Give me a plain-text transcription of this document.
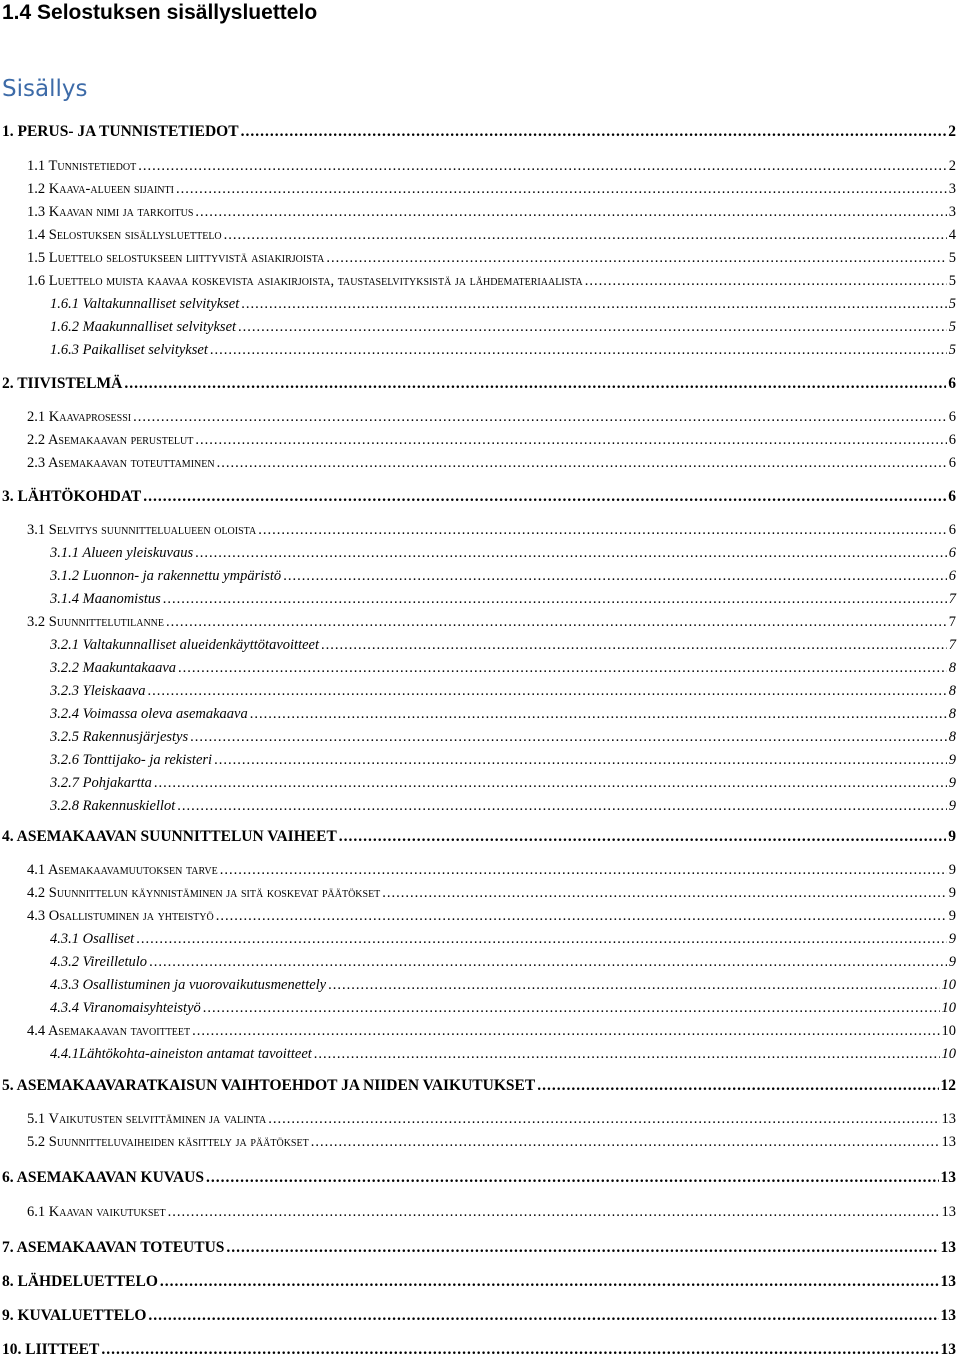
1.4 Selostuksen sisällysluettelo
Sisällys
1. PERUS- JA TUNNISTETIEDOT .....	2
1.1 Tunnistetiedot .....	2
1.2 Kaava-alueen sijainti .....	3
1.3 Kaavan nimi ja tarkoitus .....	3
1.4 Selostuksen sisällysluettelo .....	4
1.5 Luettelo selostukseen liittyvistä asiakirjoista .....	5
1.6 Luettelo muista kaavaa koskevista asiakirjoista, taustaselvityksistä ja lähdemateriaalista .....	5
1.6.1 Valtakunnalliset selvitykset .....	5
1.6.2 Maakunnalliset selvitykset .....	5
1.6.3 Paikalliset selvitykset .....	5
2. TIIVISTELMÄ .....	6
2.1 Kaavaprosessi .....	6
2.2 Asemakaavan perustelut .....	6
2.3 Asemakaavan toteuttaminen .....	6
3. LÄHTÖKOHDAT .....	6
3.1 Selvitys suunnittelualueen oloista .....	6
3.1.1 Alueen yleiskuvaus .....	6
3.1.2 Luonnon- ja rakennettu ympäristö .....	6
3.1.4 Maanomistus .....	7
3.2 Suunnittelutilanne .....	7
3.2.1 Valtakunnalliset alueidenkäyttötavoitteet .....	7
3.2.2 Maakuntakaava .....	8
3.2.3 Yleiskaava .....	8
3.2.4 Voimassa oleva asemakaava .....	8
3.2.5 Rakennusjärjestys .....	8
3.2.6 Tonttijako- ja rekisteri .....	9
3.2.7 Pohjakartta .....	9
3.2.8 Rakennuskiellot .....	9
4. ASEMAKAAVAN SUUNNITTELUN VAIHEET .....	9
4.1 Asemakaavamuutoksen tarve .....	9
4.2 Suunnittelun käynnistäminen ja sitä koskevat päätökset .....	9
4.3 Osallistuminen ja yhteistyö .....	9
4.3.1 Osalliset .....	9
4.3.2 Vireilletulo .....	9
4.3.3 Osallistuminen ja vuorovaikutusmenettely .....	10
4.3.4 Viranomaisyhteistyö .....	10
4.4 Asemakaavan tavoitteet .....	10
4.4.1Lähtökohta-aineiston antamat tavoitteet .....	10
5. ASEMAKAAVARATKAISUN VAIHTOEHDOT JA NIIDEN VAIKUTUKSET .....	12
5.1 Vaikutusten selvittäminen ja valinta .....	13
5.2 Suunnitteluvaiheiden käsittely ja päätökset .....	13
6. ASEMAKAAVAN KUVAUS .....	13
6.1 Kaavan vaikutukset .....	13
7. ASEMAKAAVAN TOTEUTUS .....	13
8. LÄHDELUETTELO .....	13
9. KUVALUETTELO .....	13
10. LIITTEET .....	13
